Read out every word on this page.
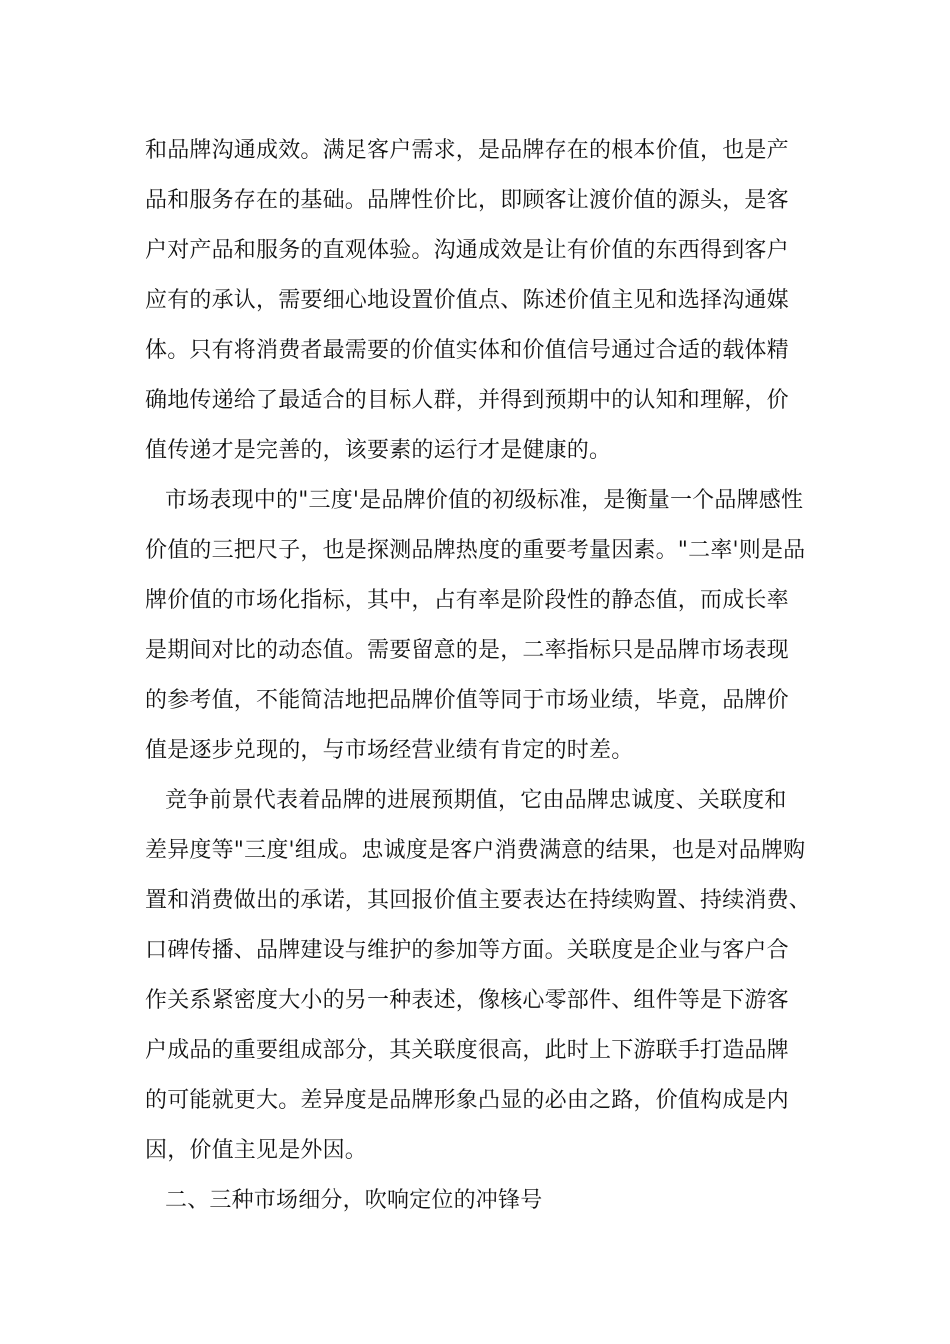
和品牌沟通成效。满足客户需求，是品牌存在的根本价值，也是产
品和服务存在的基础。品牌性价比，即顾客让渡价值的源头，是客
户对产品和服务的直观体验。沟通成效是让有价值的东西得到客户
应有的承认，需要细心地设置价值点、陈述价值主见和选择沟通媒
体。只有将消费者最需要的价值实体和价值信号通过合适的载体精
确地传递给了最适合的目标人群，并得到预期中的认知和理解，价
值传递才是完善的，该要素的运行才是健康的。
市场表现中的"三度'是品牌价值的初级标准，是衡量一个品牌感性
价值的三把尺子，也是探测品牌热度的重要考量因素。"二率'则是品
牌价值的市场化指标，其中，占有率是阶段性的静态值，而成长率
是期间对比的动态值。需要留意的是，二率指标只是品牌市场表现
的参考值，不能简洁地把品牌价值等同于市场业绩，毕竟，品牌价
值是逐步兑现的，与市场经营业绩有肯定的时差。
竞争前景代表着品牌的进展预期值，它由品牌忠诚度、关联度和
差异度等"三度'组成。忠诚度是客户消费满意的结果，也是对品牌购
置和消费做出的承诺，其回报价值主要表达在持续购置、持续消费、
口碑传播、品牌建设与维护的参加等方面。关联度是企业与客户合
作关系紧密度大小的另一种表述，像核心零部件、组件等是下游客
户成品的重要组成部分，其关联度很高，此时上下游联手打造品牌
的可能就更大。差异度是品牌形象凸显的必由之路，价值构成是内
因，价值主见是外因。
二、三种市场细分，吹响定位的冲锋号
